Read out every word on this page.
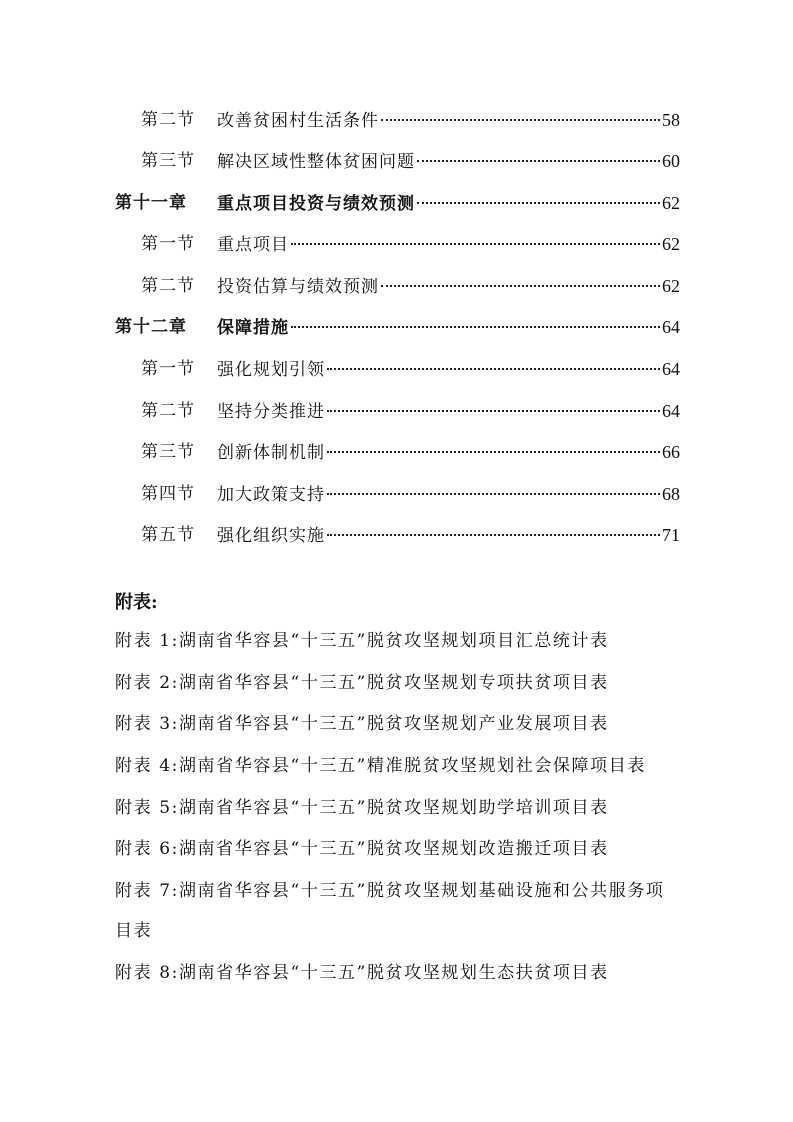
第二节 改善贫困村生活条件	58
第三节 解决区域性整体贫困问题	60
第十一章 重点项目投资与绩效预测	62
第一节 重点项目	62
第二节 投资估算与绩效预测	62
第十二章 保障措施	64
第一节 强化规划引领	64
第二节 坚持分类推进	64
第三节 创新体制机制	66
第四节 加大政策支持	68
第五节 强化组织实施	71
附表:
附表 1:湖南省华容县“十三五”脱贫攻坚规划项目汇总统计表
附表 2:湖南省华容县“十三五”脱贫攻坚规划专项扶贫项目表
附表 3:湖南省华容县“十三五”脱贫攻坚规划产业发展项目表
附表 4:湖南省华容县“十三五”精准脱贫攻坚规划社会保障项目表
附表 5:湖南省华容县“十三五”脱贫攻坚规划助学培训项目表
附表 6:湖南省华容县“十三五”脱贫攻坚规划改造搬迁项目表
附表 7:湖南省华容县“十三五”脱贫攻坚规划基础设施和公共服务项
目表
附表 8:湖南省华容县“十三五”脱贫攻坚规划生态扶贫项目表
